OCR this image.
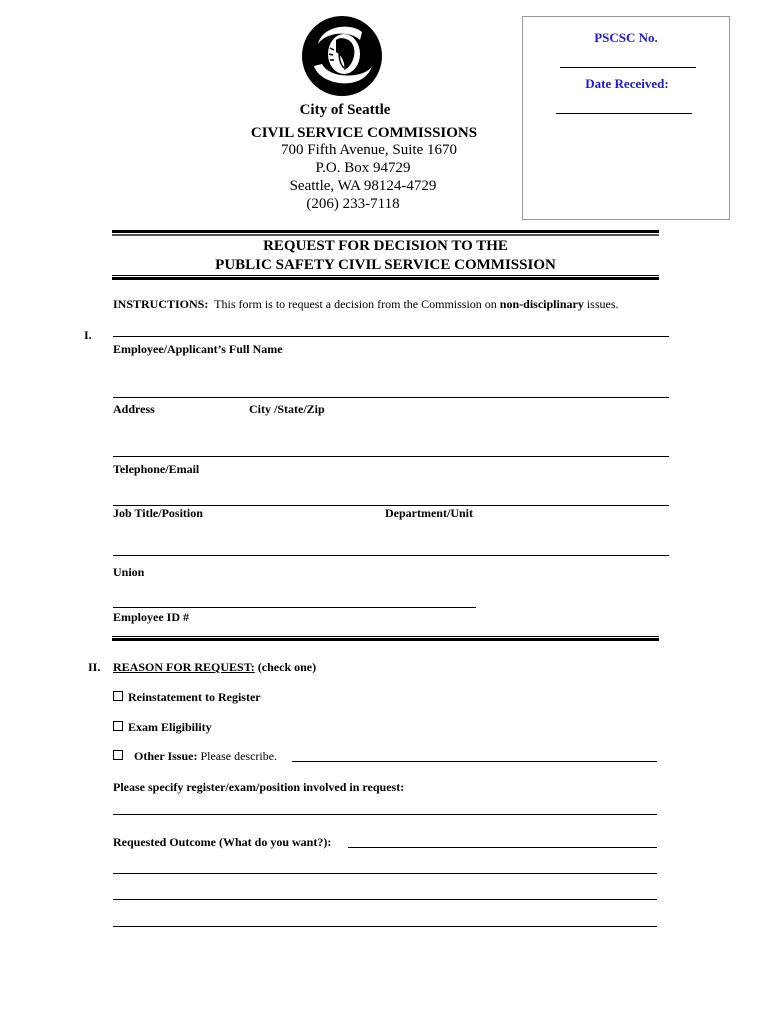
City of Seattle
CIVIL SERVICE COMMISSIONS
700 Fifth Avenue, Suite 1670
P.O. Box 94729
Seattle, WA 98124-4729
(206) 233-7118
PSCSC No.
Date Received:
REQUEST FOR DECISION TO THE
PUBLIC SAFETY CIVIL SERVICE COMMISSION
INSTRUCTIONS: This form is to request a decision from the Commission on non-disciplinary issues.
I.
Employee/Applicant’s Full Name
Address	City /State/Zip
Telephone/Email
Job Title/Position	Department/Unit
Union
Employee ID #
II. REASON FOR REQUEST: (check one)
Reinstatement to Register
Exam Eligibility
Other Issue: Please describe.
Please specify register/exam/position involved in request:
Requested Outcome (What do you want?):
